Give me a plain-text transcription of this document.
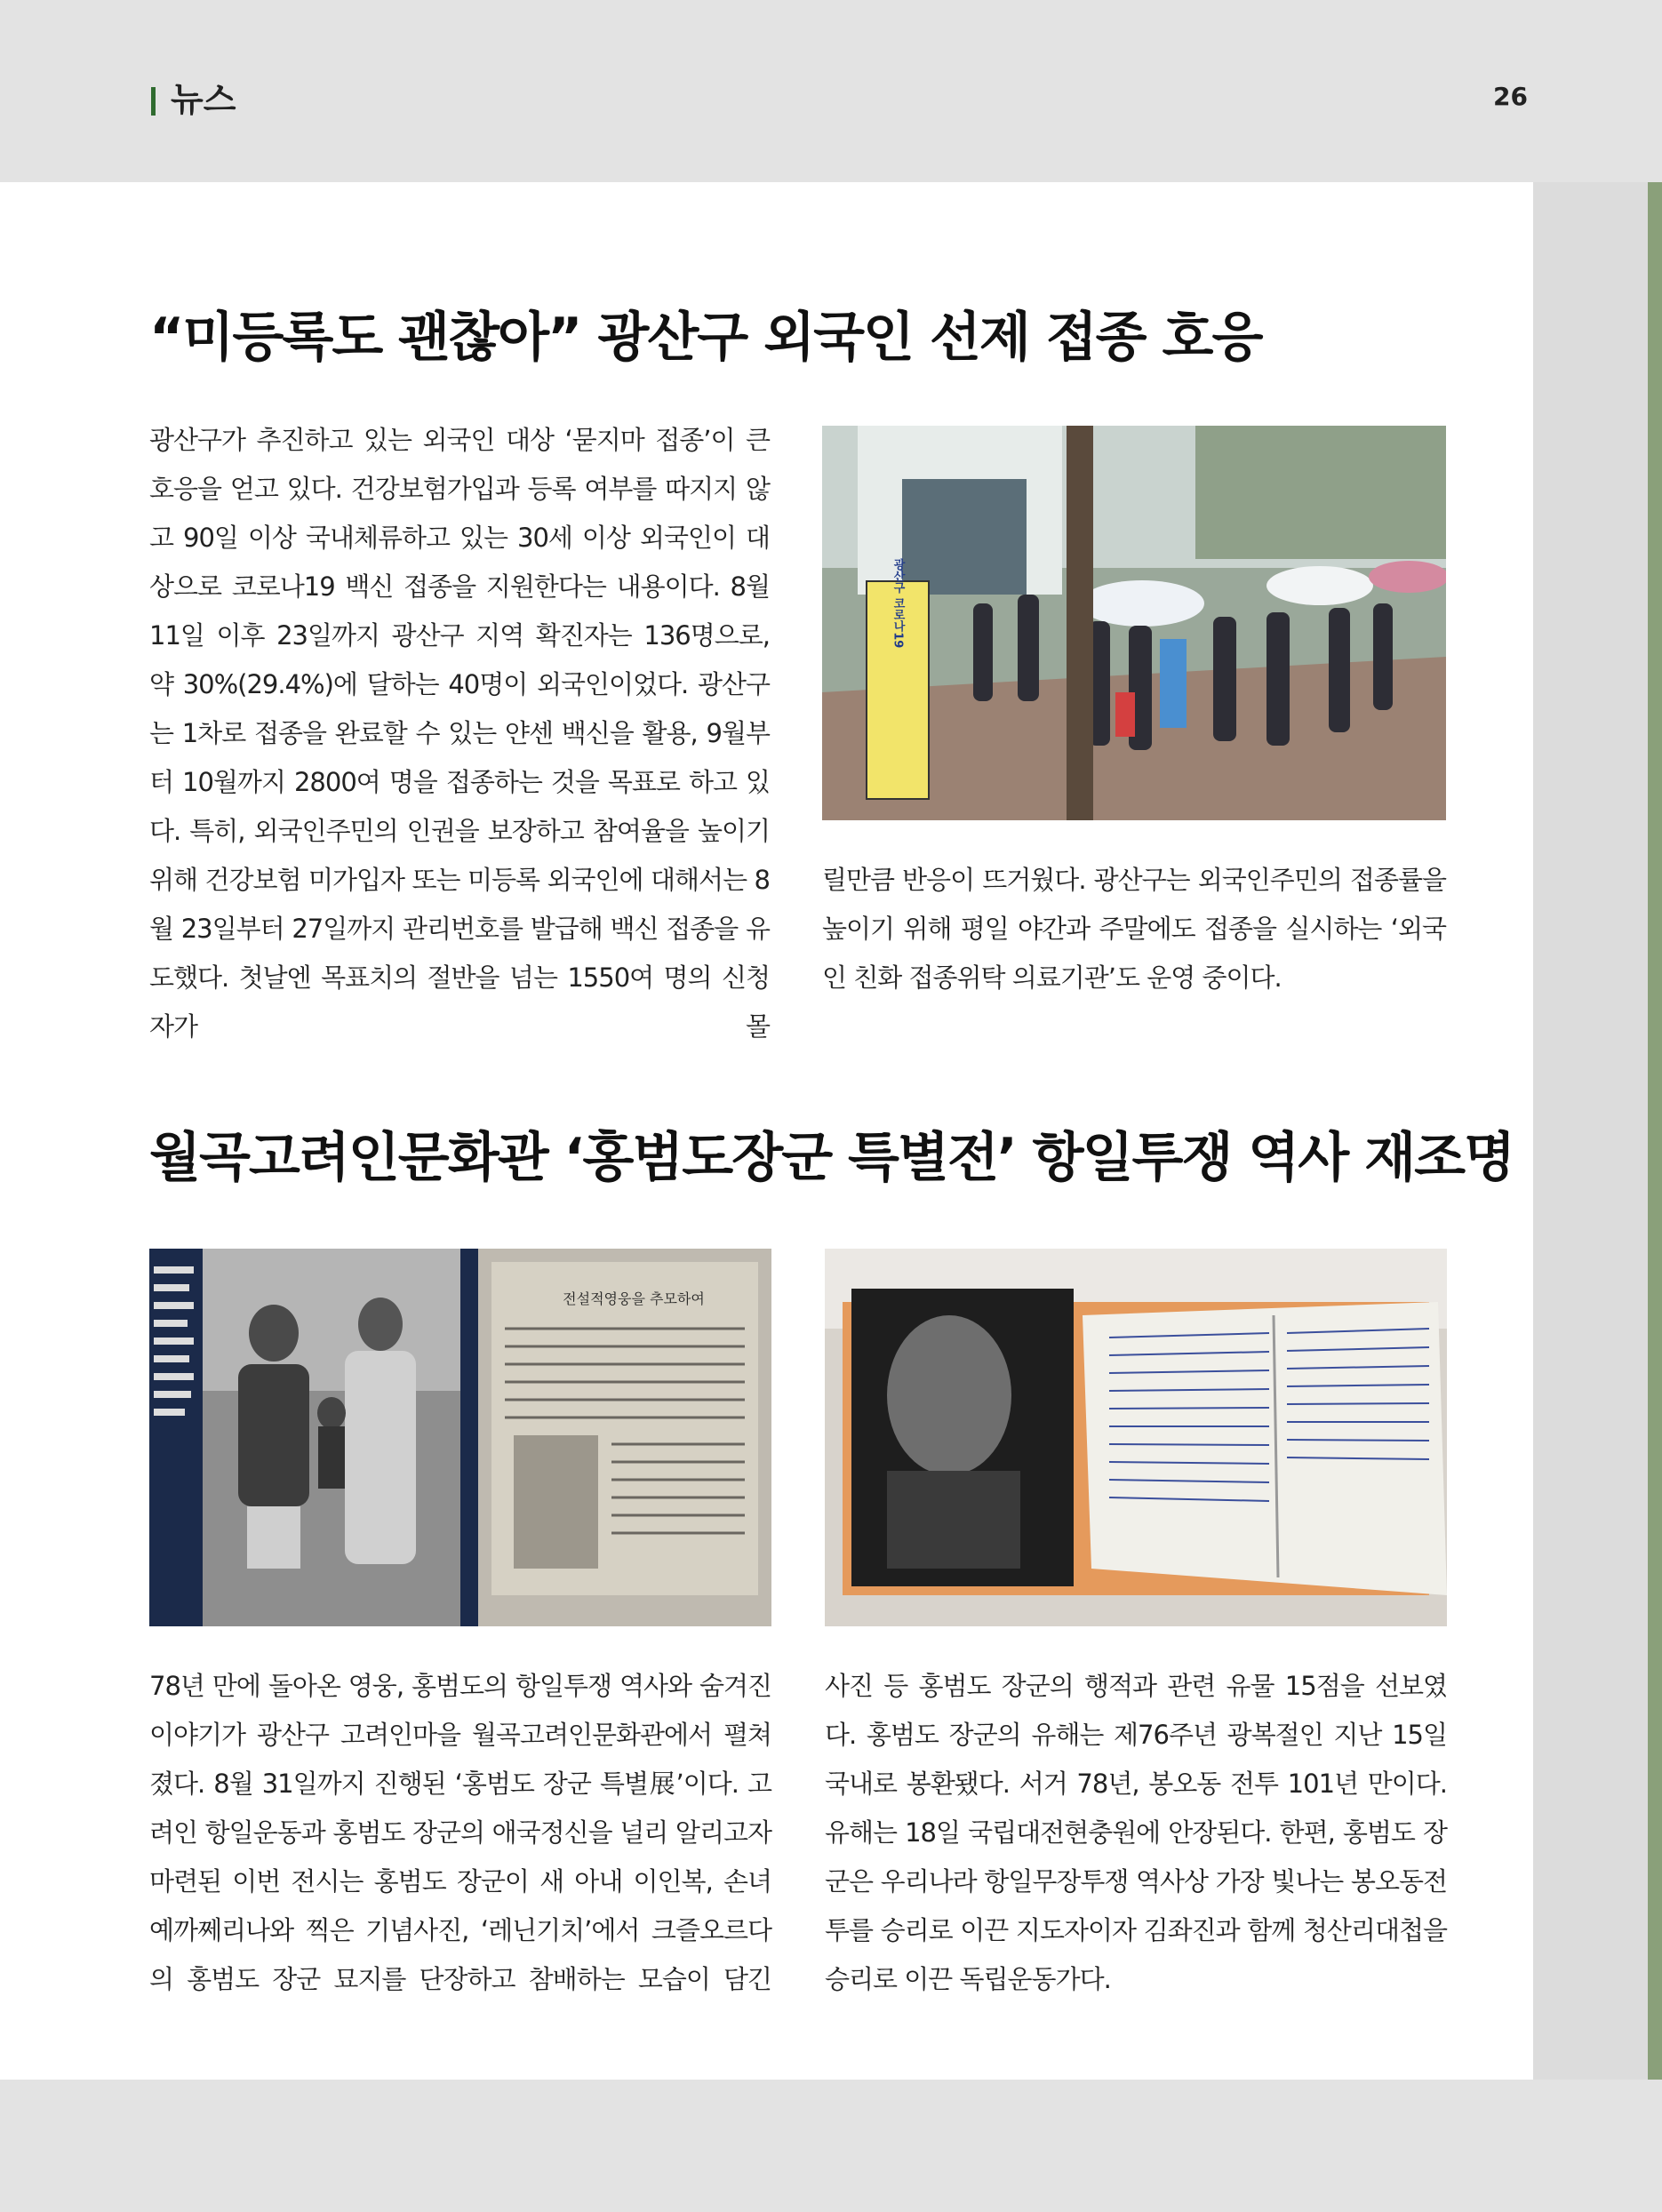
뉴스	26
“미등록도 괜찮아” 광산구 외국인 선제 접종 호응

광산구가 추진하고 있는 외국인 대상 ‘묻지마 접종’이 큰 호응을 얻고 있다. 건강보험가입과 등록 여부를 따지지 않고 90일 이상 국내체류하고 있는 30세 이상 외국인이 대상으로 코로나19 백신 접종을 지원한다는 내용이다. 8월 11일 이후 23일까지 광산구 지역 확진자는 136명으로, 약 30%(29.4%)에 달하는 40명이 외국인이었다. 광산구는 1차로 접종을 완료할 수 있는 얀센 백신을 활용, 9월부터 10월까지 2800여 명을 접종하는 것을 목표로 하고 있다. 특히, 외국인주민의 인권을 보장하고 참여율을 높이기 위해 건강보험 미가입자 또는 미등록 외국인에 대해서는 8월 23일부터 27일까지 관리번호를 발급해 백신 접종을 유도했다. 첫날엔 목표치의 절반을 넘는 1550여 명의 신청자가 몰

광산구 코로나19

릴만큼 반응이 뜨거웠다. 광산구는 외국인주민의 접종률을 높이기 위해 평일 야간과 주말에도 접종을 실시하는 ‘외국인 친화 접종위탁 의료기관’도 운영 중이다.

월곡고려인문화관 ‘홍범도장군 특별전’ 항일투쟁 역사 재조명
전설적영웅을 추모하여

78년 만에 돌아온 영웅, 홍범도의 항일투쟁 역사와 숨겨진 이야기가 광산구 고려인마을 월곡고려인문화관에서 펼쳐졌다. 8월 31일까지 진행된 ‘홍범도 장군 특별展’이다. 고려인 항일운동과 홍범도 장군의 애국정신을 널리 알리고자 마련된 이번 전시는 홍범도 장군이 새 아내 이인복, 손녀 예까쩨리나와 찍은 기념사진, ‘레닌기치’에서 크즐오르다의 홍범도 장군 묘지를 단장하고 참배하는 모습이 담긴

사진 등 홍범도 장군의 행적과 관련 유물 15점을 선보였다. 홍범도 장군의 유해는 제76주년 광복절인 지난 15일 국내로 봉환됐다. 서거 78년, 봉오동 전투 101년 만이다. 유해는 18일 국립대전현충원에 안장된다. 한편, 홍범도 장군은 우리나라 항일무장투쟁 역사상 가장 빛나는 봉오동전투를 승리로 이끈 지도자이자 김좌진과 함께 청산리대첩을 승리로 이끈 독립운동가다.
